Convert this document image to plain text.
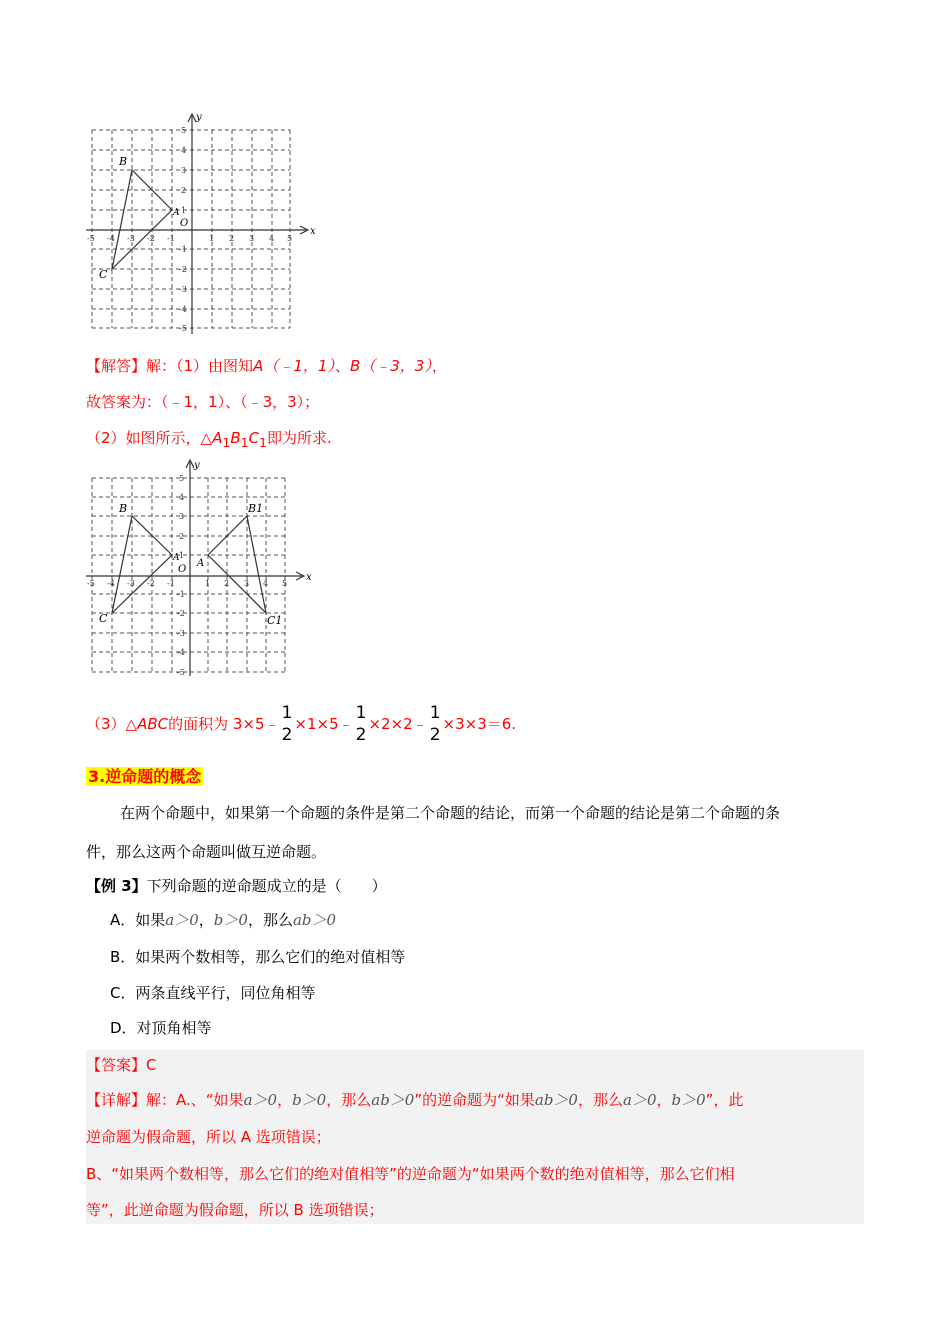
-5 -4 -3 -2 -1	1 2 3 4 5
5
4
3
2
1
-1
-2
-3
-4
-5
x
y
O
A
B
C
【解答】解：（1）由图知A（﹣1，1）、B（﹣3，3），
故答案为：（﹣1，1）、（﹣3，3）；
（2）如图所示，$\triangle A_1B_1C_1$即为所求.
-5 -4 -3 -2 -1	1 2 3 4 5
5
4
3
2
1
-1
-2
-3
-4
-5
x
y
O
A
B
C
A
B1
C1
（3）△ABC的面积为 3×5﹣
1
2
×1×5﹣
1
2
×2×2﹣
1
2
×3×3＝6.
3.逆命题的概念
在两个命题中，如果第一个命题的条件是第二个命题的结论，而第一个命题的结论是第二个命题的条
件，那么这两个命题叫做互逆命题。
【例 3】下列命题的逆命题成立的是（　　）
A．如果a＞0，b＞0，那么ab＞0
B．如果两个数相等，那么它们的绝对值相等
C．两条直线平行，同位角相等
D．对顶角相等
【答案】C
【详解】解：A.、“如果a＞0，b＞0，那么ab＞0”的逆命题为“如果ab＞0，那么a＞0，b＞0”，此
逆命题为假命题，所以 A 选项错误；
B、“如果两个数相等，那么它们的绝对值相等”的逆命题为“如果两个数的绝对值相等，那么它们相
等”，此逆命题为假命题，所以 B 选项错误；
